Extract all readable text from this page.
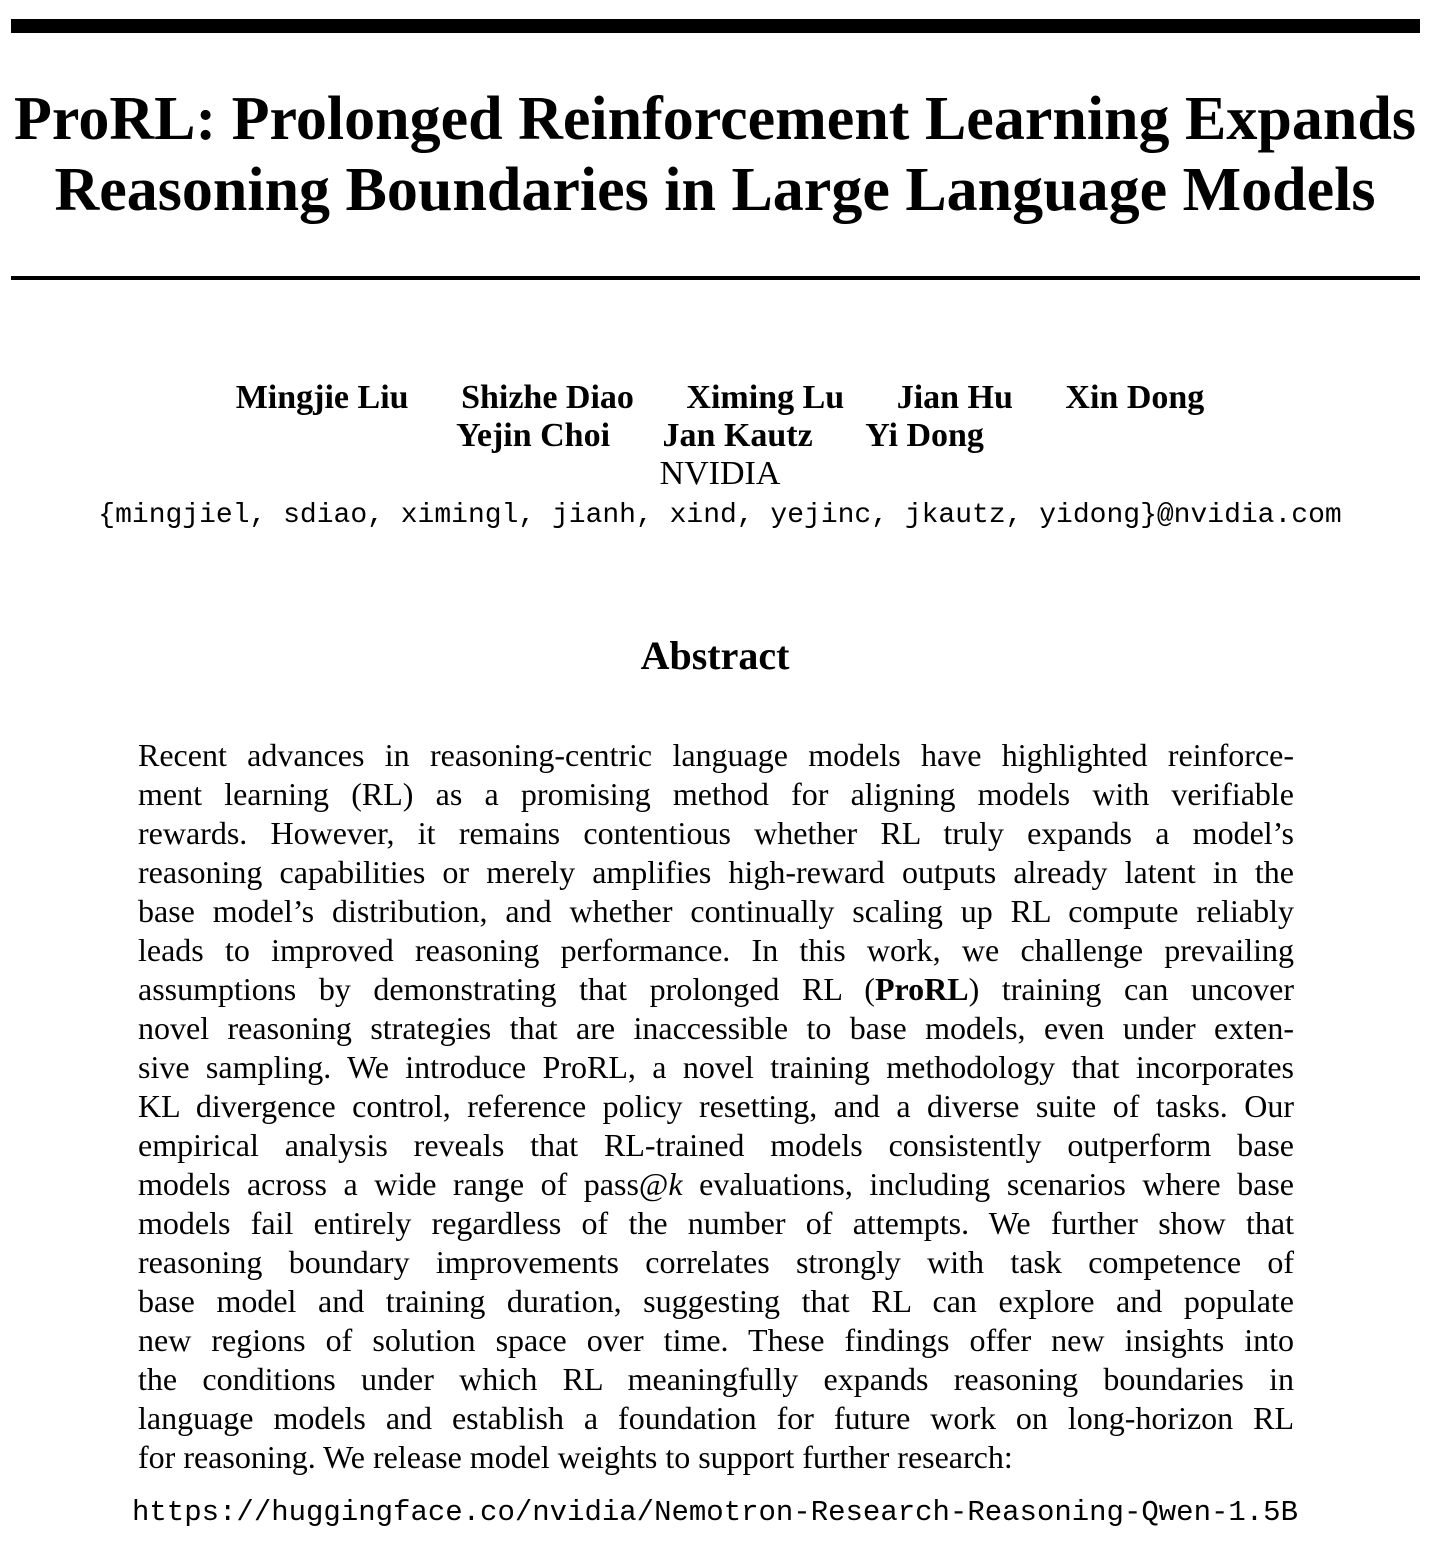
ProRL: Prolonged Reinforcement Learning Expands
Reasoning Boundaries in Large Language Models
Mingjie Liu Shizhe Diao Ximing Lu Jian Hu Xin Dong
Yejin Choi Jan Kautz Yi Dong
NVIDIA
{mingjiel, sdiao, ximingl, jianh, xind, yejinc, jkautz, yidong}@nvidia.com
Abstract
Recent advances in reasoning-centric language models have highlighted reinforce-
ment learning (RL) as a promising method for aligning models with verifiable
rewards. However, it remains contentious whether RL truly expands a model’s
reasoning capabilities or merely amplifies high-reward outputs already latent in the
base model’s distribution, and whether continually scaling up RL compute reliably
leads to improved reasoning performance. In this work, we challenge prevailing
assumptions by demonstrating that prolonged RL (ProRL) training can uncover
novel reasoning strategies that are inaccessible to base models, even under exten-
sive sampling. We introduce ProRL, a novel training methodology that incorporates
KL divergence control, reference policy resetting, and a diverse suite of tasks. Our
empirical analysis reveals that RL-trained models consistently outperform base
models across a wide range of pass@k evaluations, including scenarios where base
models fail entirely regardless of the number of attempts. We further show that
reasoning boundary improvements correlates strongly with task competence of
base model and training duration, suggesting that RL can explore and populate
new regions of solution space over time. These findings offer new insights into
the conditions under which RL meaningfully expands reasoning boundaries in
language models and establish a foundation for future work on long-horizon RL
for reasoning. We release model weights to support further research:
https://huggingface.co/nvidia/Nemotron-Research-Reasoning-Qwen-1.5B
